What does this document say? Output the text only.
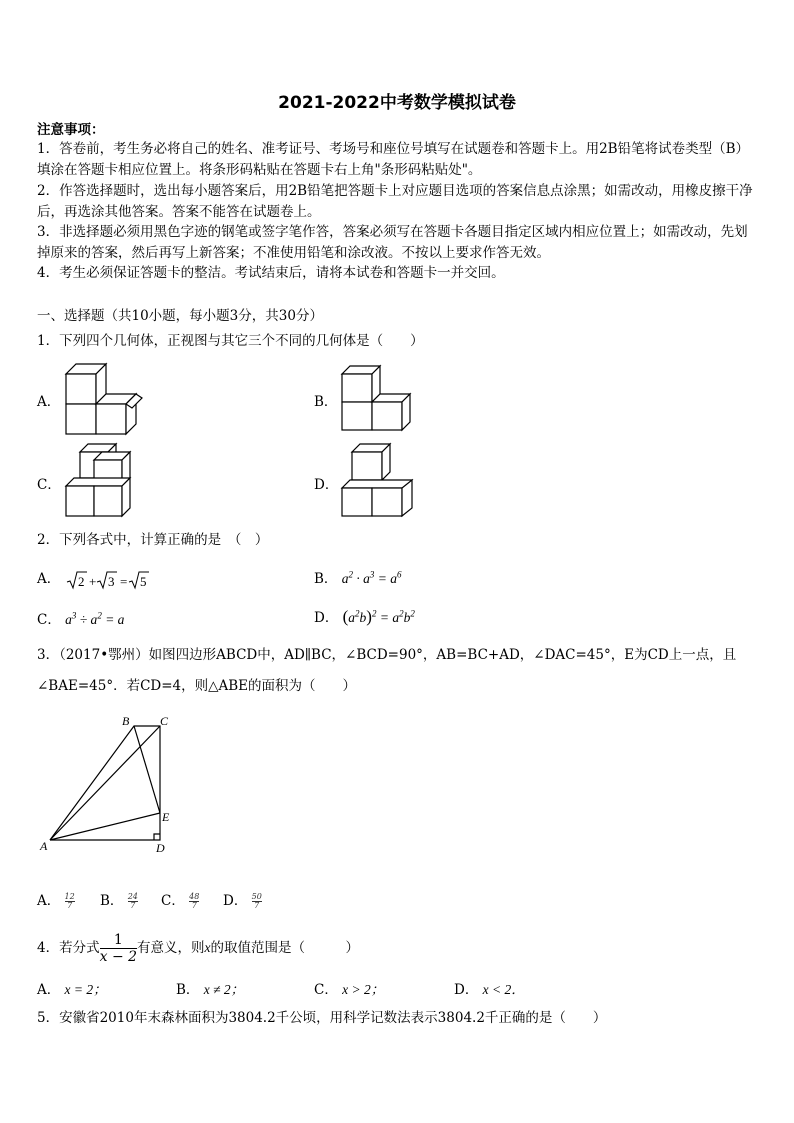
2021-2022中考数学模拟试卷
注意事项：
1．答卷前，考生务必将自己的姓名、准考证号、考场号和座位号填写在试题卷和答题卡上。用2B铅笔将试卷类型（B）填涂在答题卡相应位置上。将条形码粘贴在答题卡右上角"条形码粘贴处"。
2．作答选择题时，选出每小题答案后，用2B铅笔把答题卡上对应题目选项的答案信息点涂黑；如需改动，用橡皮擦干净后，再选涂其他答案。答案不能答在试题卷上。
3．非选择题必须用黑色字迹的钢笔或签字笔作答，答案必须写在答题卡各题目指定区域内相应位置上；如需改动，先划掉原来的答案，然后再写上新答案；不准使用铅笔和涂改液。不按以上要求作答无效。
4．考生必须保证答题卡的整洁。考试结束后，请将本试卷和答题卡一并交回。
一、选择题（共10小题，每小题3分，共30分）
1．下列四个几何体，正视图与其它三个不同的几何体是（　　）
A．	B．
C．	D．
2．下列各式中，计算正确的是　（　）
A． 2 + 3 = 5	B． $a^2 \cdot a^3 = a^6$
C． $a^3 \div a^2 = a$	D． $(a^2b)^2 = a^2b^2$
3．（2017•鄂州）如图四边形ABCD中，AD∥BC，∠BCD=90°，AB=BC+AD，∠DAC=45°，E为CD上一点，且
∠BAE=45°．若CD=4，则△ABE的面积为（　　）
B	C
E
A	D
A． $\frac{12}{7}$ B． $\frac{24}{7}$ C． $\frac{48}{7}$ D． $\frac{50}{7}$
4．若分式 $\frac{1}{x - 2}$ 有意义，则x的取值范围是（　　　）
A． x = 2；	B． x ≠ 2；	C． x > 2；	D． x < 2．
5．安徽省2010年末森林面积为3804.2千公顷，用科学记数法表示3804.2千正确的是（　　）
